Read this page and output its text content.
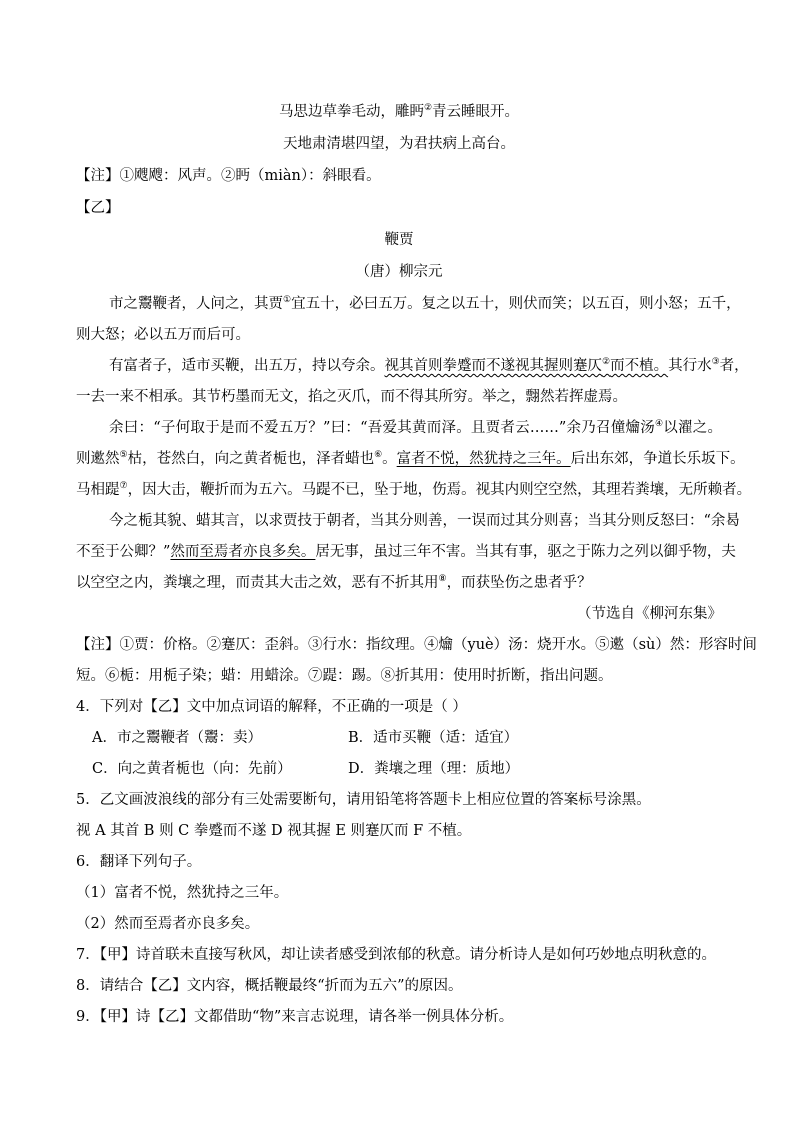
马思边草拳毛动，雕眄②青云睡眼开。
天地肃清堪四望，为君扶病上高台。
【注】①飕飕：风声。②眄（miàn）：斜眼看。
【乙】
鞭贾
（唐）柳宗元
市之鬻鞭者，人问之，其贾①宜五十，必曰五万。复之以五十，则伏而笑；以五百，则小怒；五千，
则大怒；必以五万而后可。
有富者子，适市买鞭，出五万，持以夸余。视其首则拳蹙而不遂视其握则蹇仄②而不植。其行水③者，
一去一来不相承。其节朽墨而无文，掐之灭爪，而不得其所穷。举之，翲然若挥虚焉。
余曰：“子何取于是而不爱五万？”曰：“吾爱其黄而泽。且贾者云……”余乃召僮爚汤④以濯之。
则遬然⑤枯，苍然白，向之黄者栀也，泽者蜡也⑥。富者不悦，然犹持之三年。后出东郊，争道长乐坂下。
马相踶⑦，因大击，鞭折而为五六。马踶不已，坠于地，伤焉。视其内则空空然，其理若粪壤，无所赖者。
今之栀其貌、蜡其言，以求贾技于朝者，当其分则善，一误而过其分则喜；当其分则反怒曰：“余曷
不至于公卿？”然而至焉者亦良多矣。居无事，虽过三年不害。当其有事，驱之于陈力之列以御乎物，夫
以空空之内，粪壤之理，而责其大击之效，恶有不折其用⑧，而获坠伤之患者乎？
（节选自《柳河东集》
【注】①贾：价格。②蹇仄：歪斜。③行水：指纹理。④爚（yuè）汤：烧开水。⑤遬（sù）然：形容时间
短。⑥栀：用栀子染；蜡：用蜡涂。⑦踶：踢。⑧折其用：使用时折断，指出问题。
4．下列对【乙】文中加点词语的解释，不正确的一项是（ ）
A．市之鬻鞭者（鬻：卖）	B．适市买鞭（适：适宜）
C．向之黄者栀也（向：先前）	D．粪壤之理（理：质地）
5．乙文画波浪线的部分有三处需要断句，请用铅笔将答题卡上相应位置的答案标号涂黑。
视 A 其首 B 则 C 拳蹙而不遂 D 视其握 E 则蹇仄而 F 不植。
6．翻译下列句子。
（1）富者不悦，然犹持之三年。
（2）然而至焉者亦良多矣。
7．【甲】诗首联未直接写秋风，却让读者感受到浓郁的秋意。请分析诗人是如何巧妙地点明秋意的。
8．请结合【乙】文内容，概括鞭最终“折而为五六”的原因。
9．【甲】诗【乙】文都借助“物”来言志说理，请各举一例具体分析。
